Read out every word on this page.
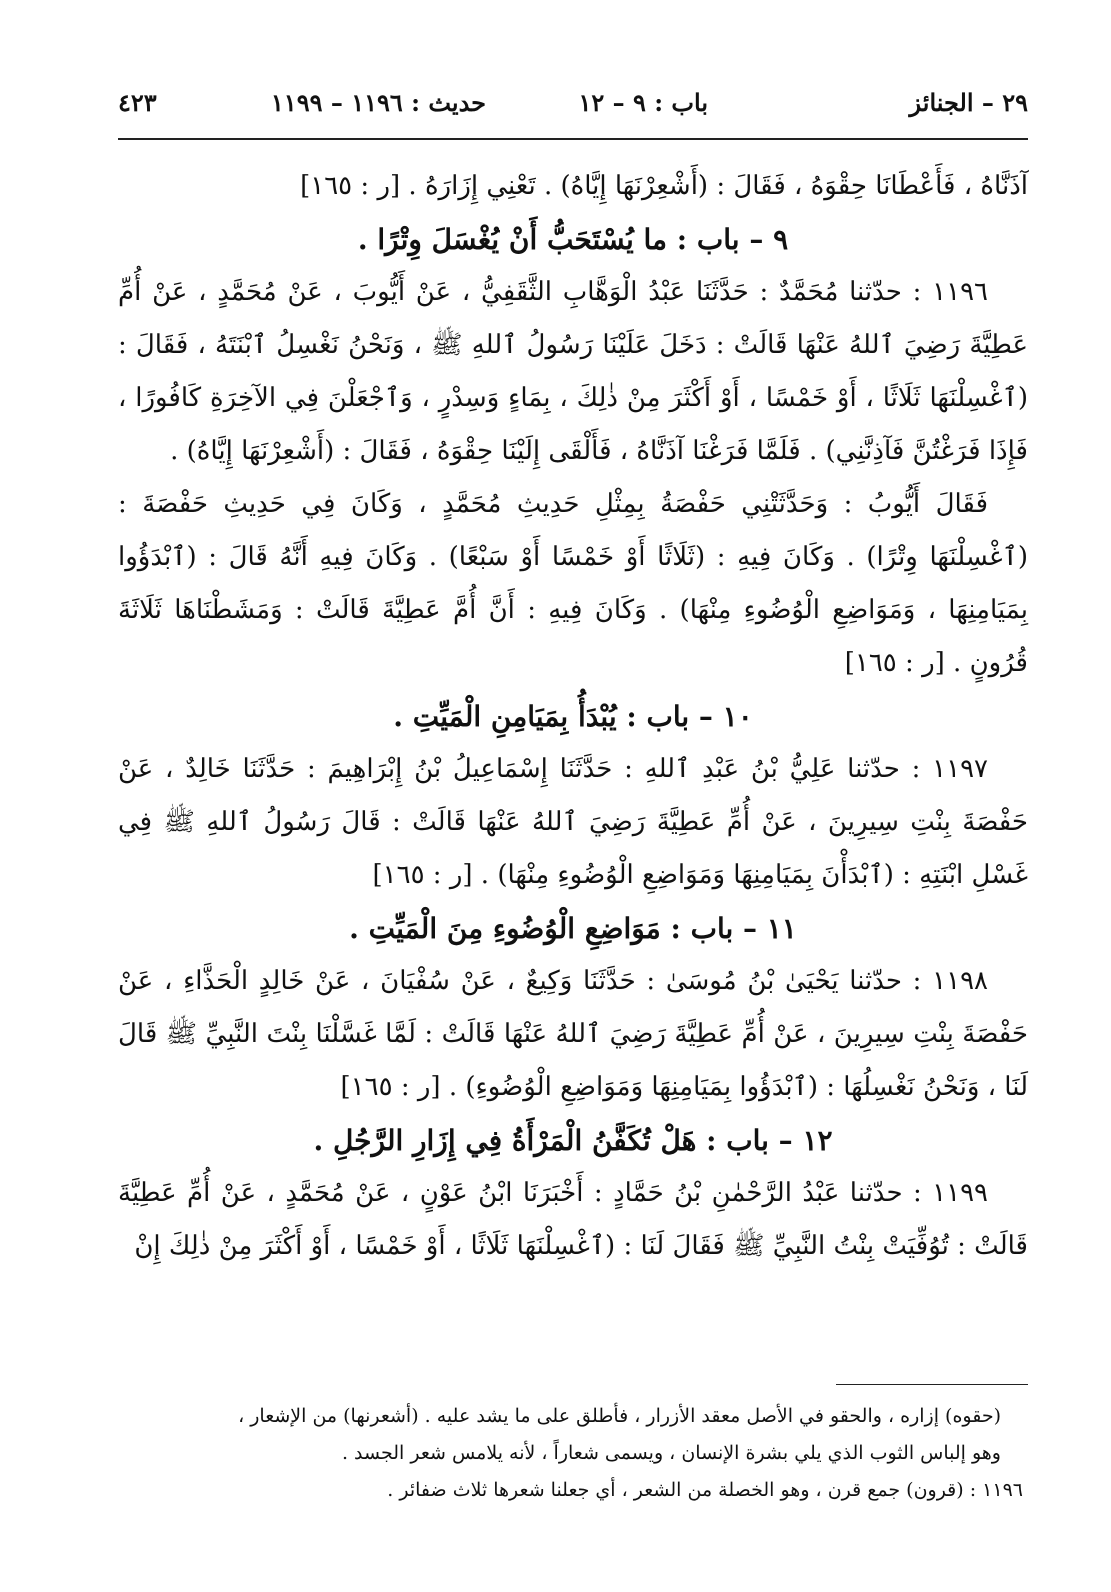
٢٩ – الجنائز
باب : ٩ – ١٢
حديث : ١١٩٦ – ١١٩٩
٤٢٣

آذَنَّاهُ ، فَأَعْطَانَا حِقْوَهُ ، فَقَالَ : (أَشْعِرْنَهَا إِيَّاهُ) . تَعْنِي إِزَارَهُ . [ر : ١٦٥]

٩ – باب : ما يُسْتَحَبُّ أَنْ يُغْسَلَ وِتْرًا .

١١٩٦ : حدّثنا مُحَمَّدٌ : حَدَّثَنَا عَبْدُ الْوَهَّابِ الثَّقَفِيُّ ، عَنْ أَيُّوبَ ، عَنْ مُحَمَّدٍ ، عَنْ أُمِّ عَطِيَّةَ رَضِيَ ٱللهُ عَنْهَا قَالَتْ : دَخَلَ عَلَيْنَا رَسُولُ ٱللهِ ﷺ ، وَنَحْنُ نَغْسِلُ ٱبْنَتَهُ ، فَقَالَ : (ٱغْسِلْنَهَا ثَلَاثًا ، أَوْ خَمْسًا ، أَوْ أَكْثَرَ مِنْ ذٰلِكَ ، بِمَاءٍ وَسِدْرٍ ، وَٱجْعَلْنَ فِي الآخِرَةِ كَافُورًا ، فَإِذَا فَرَغْتُنَّ فَآذِنَّنِي) . فَلَمَّا فَرَغْنَا آذَنَّاهُ ، فَأَلْقَى إِلَيْنَا حِقْوَهُ ، فَقَالَ : (أَشْعِرْنَهَا إِيَّاهُ) .

فَقَالَ أَيُّوبُ : وَحَدَّثَتْنِي حَفْصَةُ بِمِثْلِ حَدِيثِ مُحَمَّدٍ ، وَكَانَ فِي حَدِيثِ حَفْصَةَ : (ٱغْسِلْنَهَا وِتْرًا) . وَكَانَ فِيهِ : (ثَلَاثًا أَوْ خَمْسًا أَوْ سَبْعًا) . وَكَانَ فِيهِ أَنَّهُ قَالَ : (ٱبْدَؤُوا بِمَيَامِنِهَا ، وَمَوَاضِعِ الْوُضُوءِ مِنْهَا) . وَكَانَ فِيهِ : أَنَّ أُمَّ عَطِيَّةَ قَالَتْ : وَمَشَطْنَاهَا ثَلَاثَةَ قُرُونٍ . [ر : ١٦٥]

١٠ – باب : يُبْدَأُ بِمَيَامِنِ الْمَيِّتِ .

١١٩٧ : حدّثنا عَلِيُّ بْنُ عَبْدِ ٱللهِ : حَدَّثَنَا إِسْمَاعِيلُ بْنُ إِبْرَاهِيمَ : حَدَّثَنَا خَالِدٌ ، عَنْ حَفْصَةَ بِنْتِ سِيرِينَ ، عَنْ أُمِّ عَطِيَّةَ رَضِيَ ٱللهُ عَنْهَا قَالَتْ : قَالَ رَسُولُ ٱللهِ ﷺ فِي غَسْلِ ابْنَتِهِ : (ٱبْدَأْنَ بِمَيَامِنِهَا وَمَوَاضِعِ الْوُضُوءِ مِنْهَا) . [ر : ١٦٥]

١١ – باب : مَوَاضِعِ الْوُضُوءِ مِنَ الْمَيِّتِ .

١١٩٨ : حدّثنا يَحْيَىٰ بْنُ مُوسَىٰ : حَدَّثَنَا وَكِيعٌ ، عَنْ سُفْيَانَ ، عَنْ خَالِدٍ الْحَذَّاءِ ، عَنْ حَفْصَةَ بِنْتِ سِيرِينَ ، عَنْ أُمِّ عَطِيَّةَ رَضِيَ ٱللهُ عَنْهَا قَالَتْ : لَمَّا غَسَّلْنَا بِنْتَ النَّبِيِّ ﷺ قَالَ لَنَا ، وَنَحْنُ نَغْسِلُهَا : (ٱبْدَؤُوا بِمَيَامِنِهَا وَمَوَاضِعِ الْوُضُوءِ) . [ر : ١٦٥]

١٢ – باب : هَلْ تُكَفَّنُ الْمَرْأَةُ فِي إِزَارِ الرَّجُلِ .

١١٩٩ : حدّثنا عَبْدُ الرَّحْمٰنِ بْنُ حَمَّادٍ : أَخْبَرَنَا ابْنُ عَوْنٍ ، عَنْ مُحَمَّدٍ ، عَنْ أُمِّ عَطِيَّةَ قَالَتْ : تُوُفِّيَتْ بِنْتُ النَّبِيِّ ﷺ فَقَالَ لَنَا : (ٱغْسِلْنَهَا ثَلَاثًا ، أَوْ خَمْسًا ، أَوْ أَكْثَرَ مِنْ ذٰلِكَ إِنْ

(حقوه) إزاره ، والحقو في الأصل معقد الأزرار ، فأطلق على ما يشد عليه . (أشعرنها) من الإشعار ،

وهو إلباس الثوب الذي يلي بشرة الإنسان ، ويسمى شعاراً ، لأنه يلامس شعر الجسد .

١١٩٦ : (قرون) جمع قرن ، وهو الخصلة من الشعر ، أي جعلنا شعرها ثلاث ضفائر .
